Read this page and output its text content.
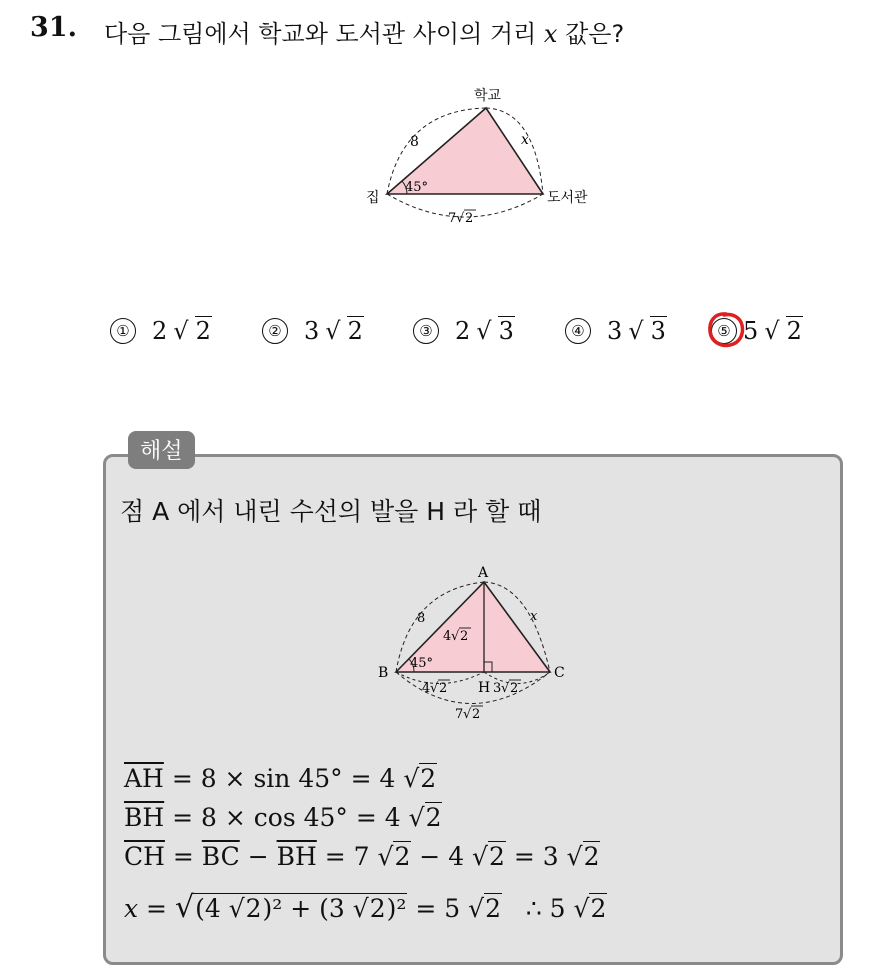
31. 다음 그림에서 학교와 도서관 사이의 거리 x 값은?
학교
집	도서관
8	x
45°
7 √ 2
① 2 √ 2	② 3 √ 2	③ 2 √ 3	④ 3 √ 3	⑤ 5 √ 2
해설
점 A 에서 내린 수선의 발을 H 라 할 때
A
B	C
H
8	x
45°
4 √ 2
4 √ 2	3 √ 2
7 √ 2
$\overline{AH} = 8 \times \sin 45^\circ = 4$ √2
$\overline{BH} = 8 \times \cos 45^\circ = 4$ √2
$\overline{CH} = \overline{BC} - \overline{BH} = 7$ √2 − 4 √2 = 3 √2
x = √(4 √2)² + (3 √2)² = 5 √2 ∴ 5 √2
